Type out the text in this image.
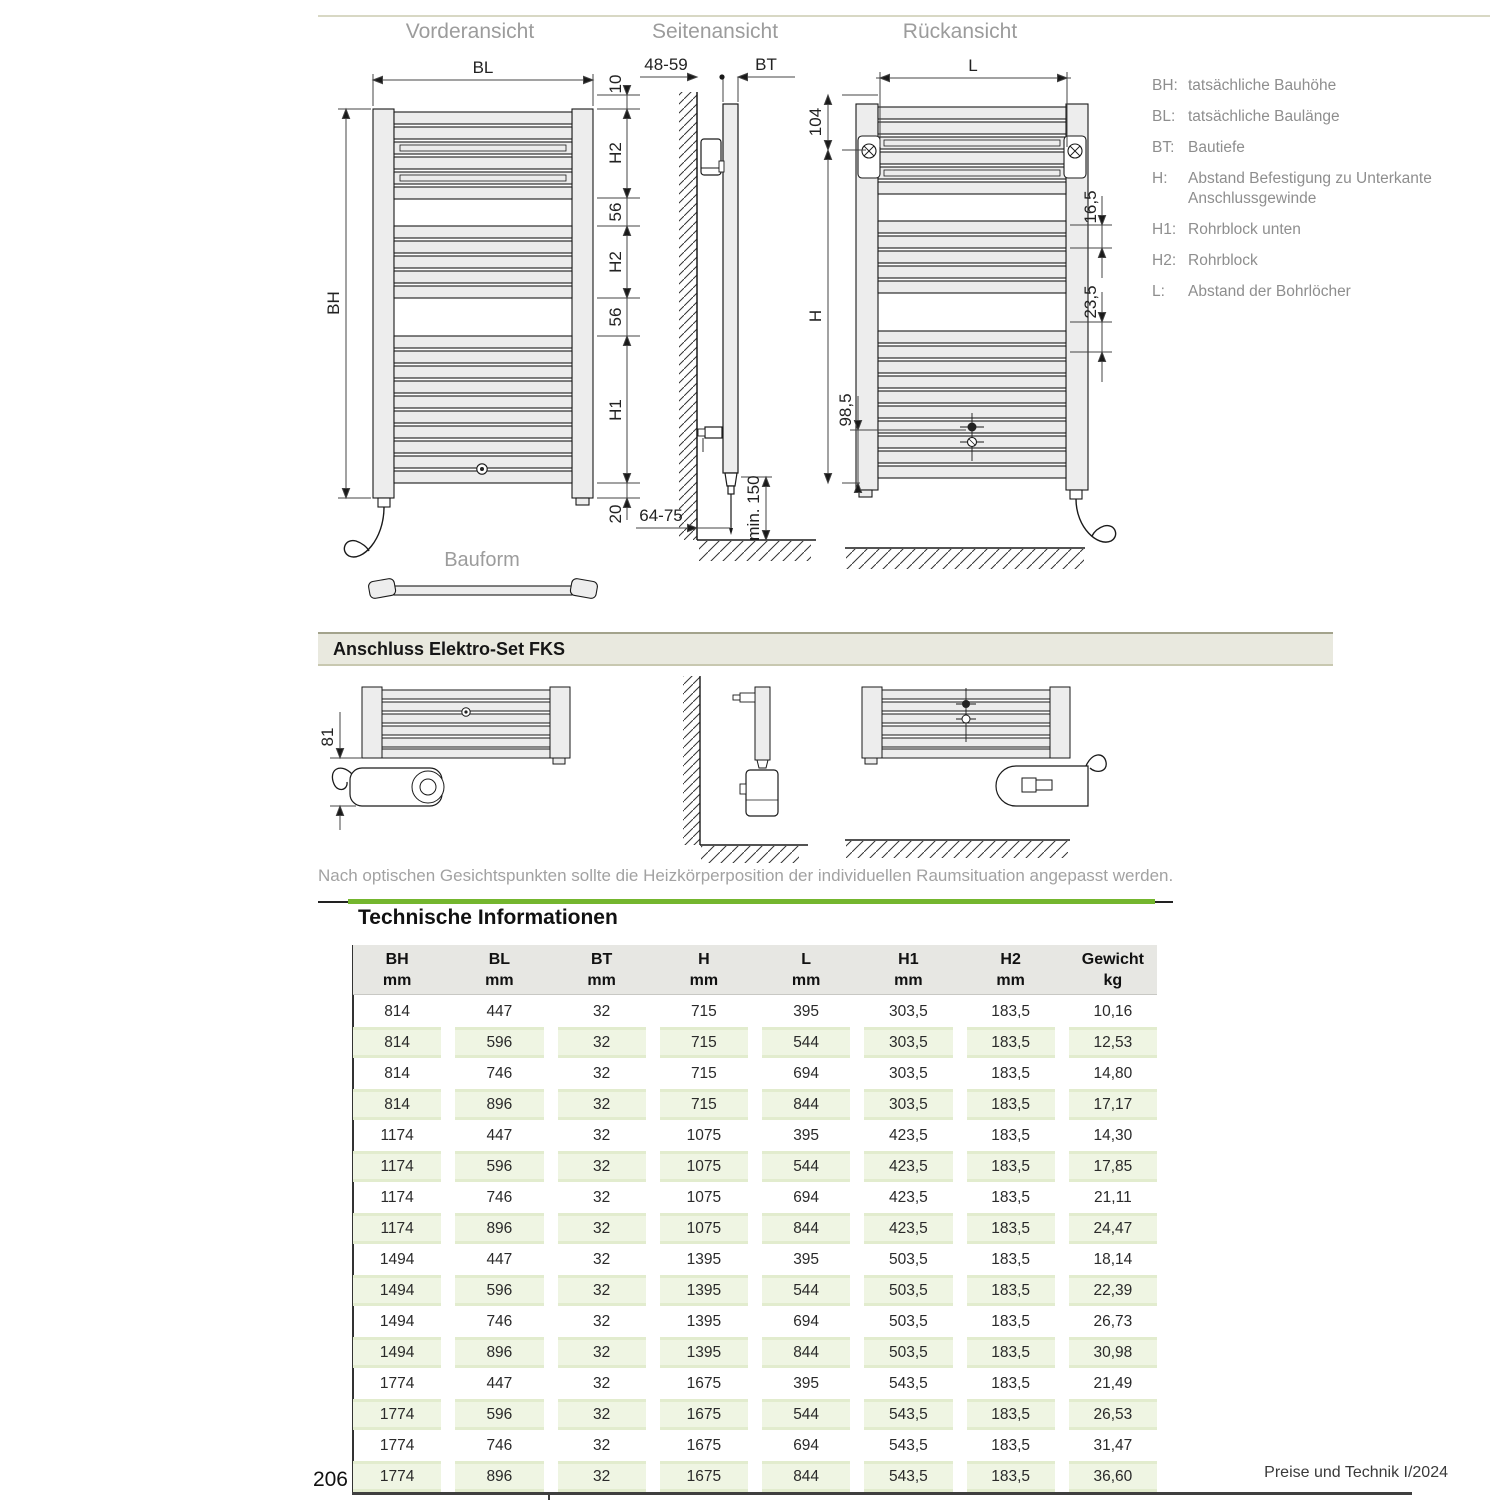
Vorderansicht	Seitenansicht	Rückansicht
BL
BH
10
H2
56
H2
56
H1
20
48-59	BT
64-75	min. 150
L
104
H
98,5
16,5
23,5
81
BH: tatsächliche Bauhöhe
BL: tatsächliche Baulänge
BT: Bautiefe
H:	Abstand Befestigung zu Unterkante
Anschlussgewinde
H1: Rohrblock unten
H2: Rohrblock
L:	Abstand der Bohrlöcher
Bauform
Anschluss Elektro-Set FKS
Nach optischen Gesichtspunkten sollte die Heizkörperposition der individuellen Raumsituation angepasst werden.
Technische Informationen
BH
mm
BL
mm
BT
mm
H
mm
L
mm
H1
mm
H2
mm
Gewicht
kg
814	447	32	715	395	303,5	183,5	10,16
814	596	32	715	544	303,5	183,5	12,53
814	746	32	715	694	303,5	183,5	14,80
814	896	32	715	844	303,5	183,5	17,17
1174	447	32	1075	395	423,5	183,5	14,30
1174	596	32	1075	544	423,5	183,5	17,85
1174	746	32	1075	694	423,5	183,5	21,11
1174	896	32	1075	844	423,5	183,5	24,47
1494	447	32	1395	395	503,5	183,5	18,14
1494	596	32	1395	544	503,5	183,5	22,39
1494	746	32	1395	694	503,5	183,5	26,73
1494	896	32	1395	844	503,5	183,5	30,98
1774	447	32	1675	395	543,5	183,5	21,49
1774	596	32	1675	544	543,5	183,5	26,53
1774	746	32	1675	694	543,5	183,5	31,47
1774	896	32	1675	844	543,5	183,5	36,60
206	Preise und Technik I/2024
